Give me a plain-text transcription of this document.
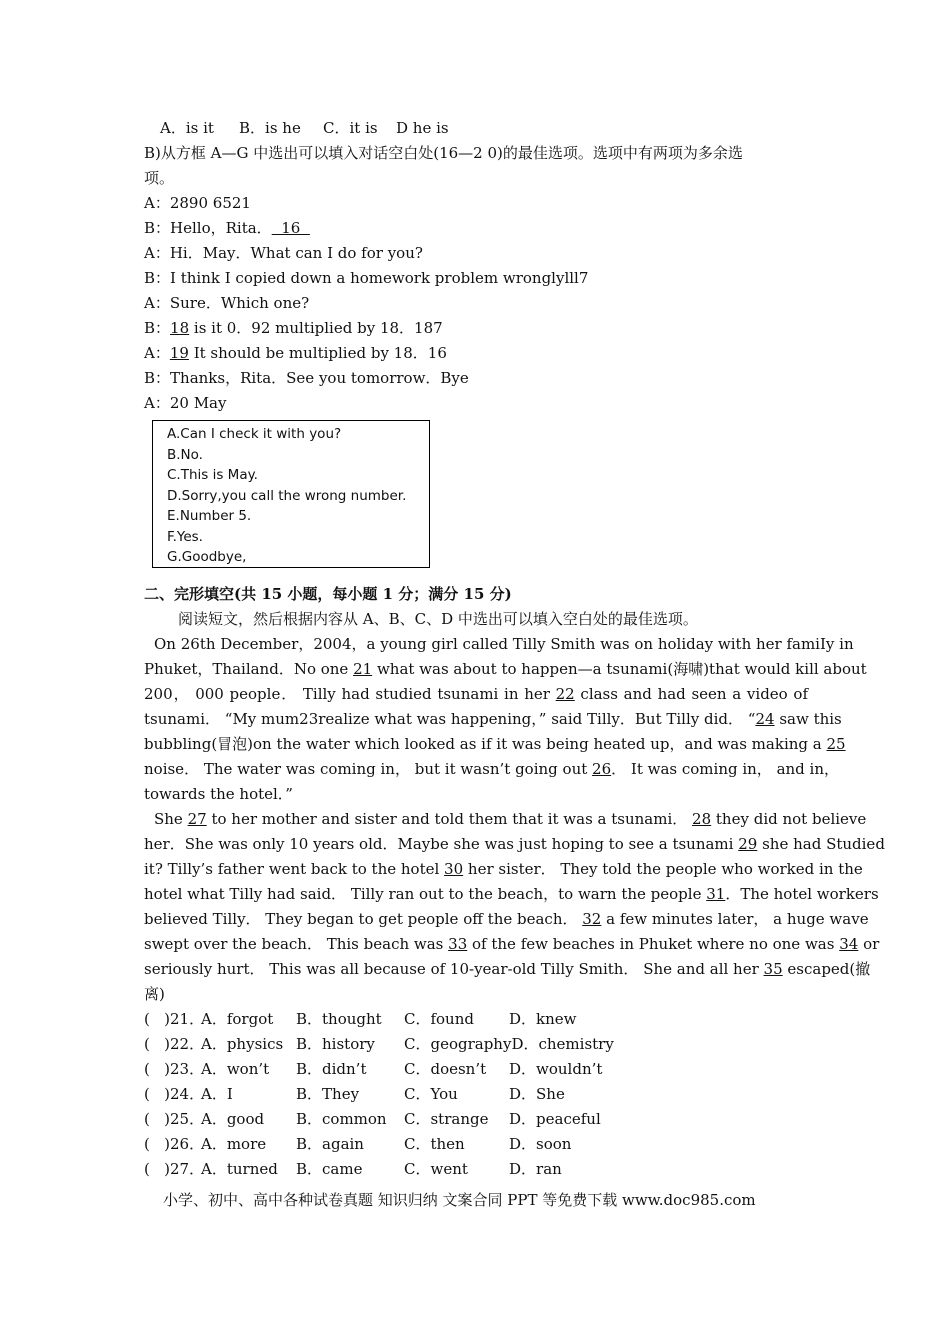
A．is it B．is he C．it is D he is
B)从方框 A—G 中选出可以填入对话空白处(16—2 0)的最佳选项。选项中有两项为多余选
项。
A：2890 6521
B：Hello，Rita．  16
A：Hi．May．What can I do for you?
B：I think I copied down a homework problem wronglylll7
A：Sure．Which one?
B：18 is it 0．92 multiplied by 18．187
A：19 It should be multiplied by 18．16
B：Thanks，Rita．See you tomorrow．Bye
A：20 May
A.Can I check it with you?
B.No.
C.This is May.
D.Sorry,you call the wrong number.
E.Number 5.
F.Yes.
G.Goodbye,
二、完形填空(共 15 小题，每小题 1 分；满分 15 分)
阅读短文，然后根据内容从 A、B、C、D 中选出可以填入空白处的最佳选项。
On 26th December，2004，a young girl called Tilly Smith was on holiday with her famiIy in
Phuket，Thailand．No one 21 what was about to happen—a tsunami(海啸)that would kill about
200， 000 people． Tilly had studied tsunami in her 22 class and had seen a video of
tsunami． “My mum23realize what was happening，” said Tilly．But Tilly did． “24 saw this
bubbling(冒泡)on the water which looked as if it was being heated up，and was making a 25
noise． The water was coming in， but it wasn’t going out 26． It was coming in， and in，
towards the hotel．”
She 27 to her mother and sister and told them that it was a tsunami． 28 they did not believe
her．She was only 10 years old．Maybe she was just hoping to see a tsunami 29 she had Studied
it? Tilly’s father went back to the hotel 30 her sister． They told the people who worked in the
hotel what Tilly had said． Tilly ran out to the beach，to warn the people 31．The hotel workers
believed Tilly． They began to get people off the beach． 32 a few minutes later， a huge wave
swept over the beach． This beach was 33 of the few beaches in Phuket where no one was 34 or
seriously hurt． This was all because of 10-year-old Tilly Smith． She and all her 35 escaped(撤
离)
(   )21．A．forgot B．thought C．found D．knew
(   )22．A．physics B．history C．geographyD．chemistry
(   )23．A．won’t B．didn’t	C．doesn’t D．wouldn’t
(   )24．A．I	B．They	C．You	D．She
(   )25．A．good B．common C．strange D．peaceful
(   )26．A．more B．again	C．then	D．soon
(   )27．A．turned B．came	C．went	D．ran
小学、初中、高中各种试卷真题 知识归纳 文案合同 PPT 等免费下载 www.doc985.com
